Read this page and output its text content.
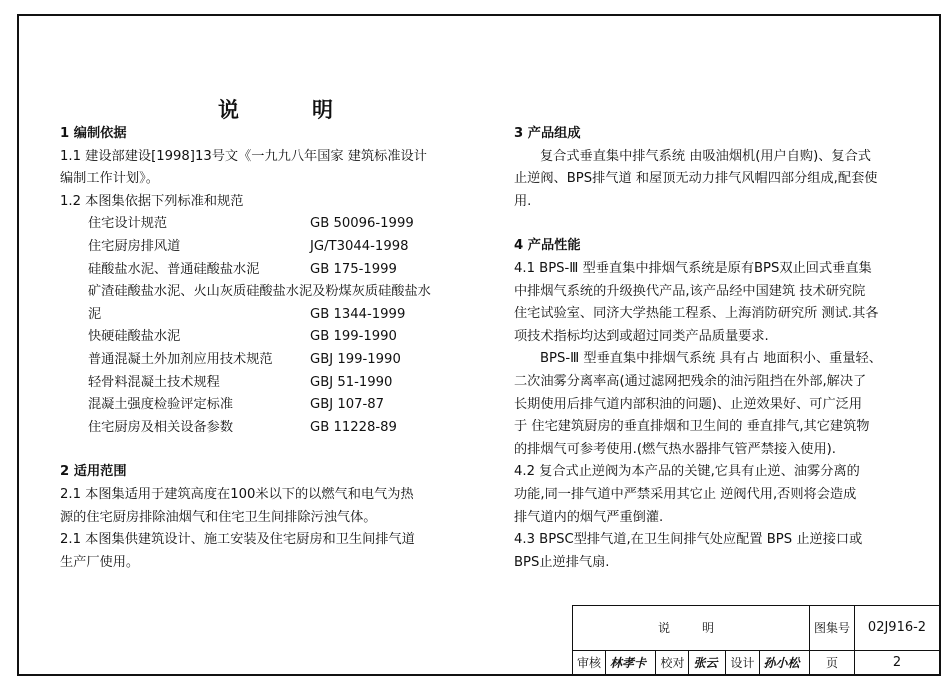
说　明
1 编制依据
1.1 建设部建设[1998]13号文《一九九八年国家 建筑标准设计
编制工作计划》。
1.2 本图集依据下列标准和规范
住宅设计规范	GB 50096-1999
住宅厨房排风道	JG/T3044-1998
硅酸盐水泥、普通硅酸盐水泥	GB 175-1999
矿渣硅酸盐水泥、火山灰质硅酸盐水泥及粉煤灰质硅酸盐水
泥	GB 1344-1999
快硬硅酸盐水泥	GB 199-1990
普通混凝土外加剂应用技术规范	GBJ 199-1990
轻骨料混凝土技术规程	GBJ 51-1990
混凝土强度检验评定标准	GBJ 107-87
住宅厨房及相关设备参数	GB 11228-89
2 适用范围
2.1 本图集适用于建筑高度在100米以下的以燃气和电气为热
源的住宅厨房排除油烟气和住宅卫生间排除污浊气体。
2.1 本图集供建筑设计、施工安装及住宅厨房和卫生间排气道
生产厂使用。
3 产品组成
复合式垂直集中排气系统 由吸油烟机(用户自购)、复合式
止逆阀、BPS排气道 和屋顶无动力排气风帽四部分组成,配套使
用.
4 产品性能
4.1 BPS-Ⅲ 型垂直集中排烟气系统是原有BPS双止回式垂直集
中排烟气系统的升级换代产品,该产品经中国建筑 技术研究院
住宅试验室、同济大学热能工程系、上海消防研究所 测试.其各
项技术指标均达到或超过同类产品质量要求.
BPS-Ⅲ 型垂直集中排烟气系统 具有占 地面积小、重量轻、
二次油雾分离率高(通过滤网把残余的油污阻挡在外部,解决了
长期使用后排气道内部积油的问题)、止逆效果好、可广泛用
于 住宅建筑厨房的垂直排烟和卫生间的 垂直排气,其它建筑物
的排烟气可参考使用.(燃气热水器排气管严禁接入使用).
4.2 复合式止逆阀为本产品的关键,它具有止逆、油雾分离的
功能,同一排气道中严禁采用其它止 逆阀代用,否则将会造成
排气道内的烟气严重倒灌.
4.3 BPSC型排气道,在卫生间排气处应配置 BPS 止逆接口或
BPS止逆排气扇.
说　明						图集号	02J916-2
审核	林孝卡	校对	张云	设计	孙小松	页	2
